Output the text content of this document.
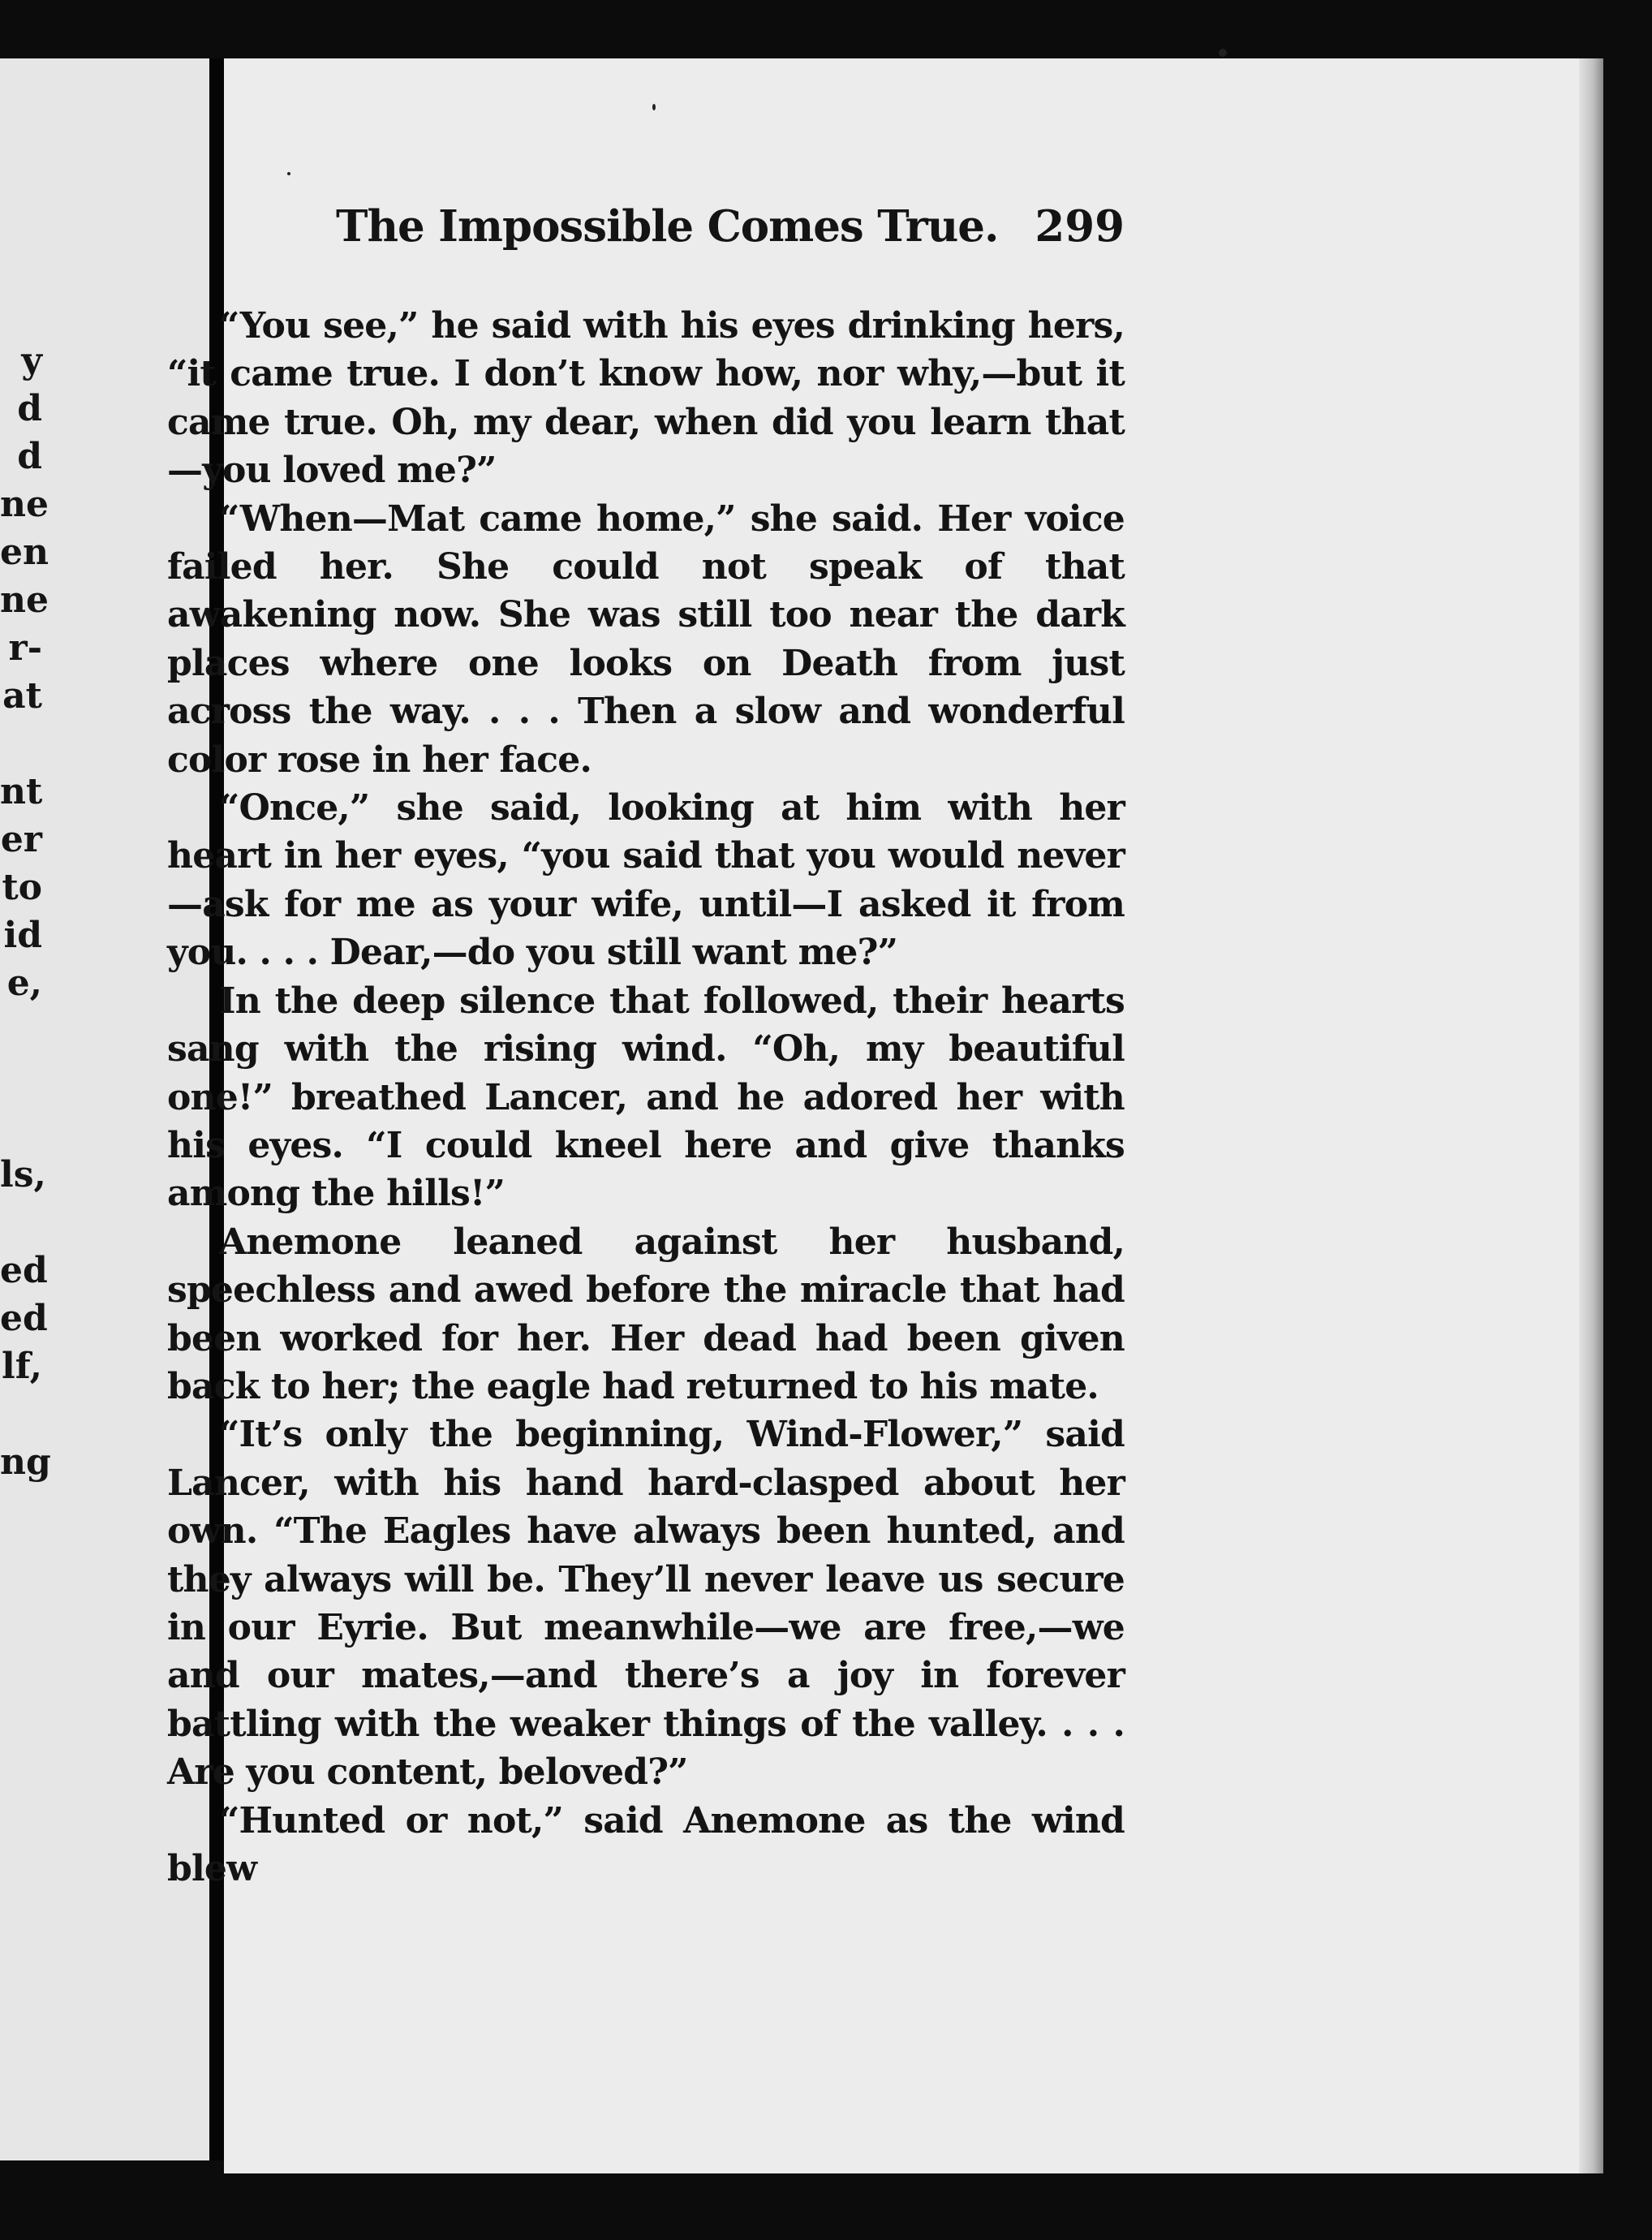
y
d
d
ne
en
ne
r-
at
nt
er
to
id
e,
ls,
ed
ed
lf,
ng
The Impossible Comes True. 299

“You see,” he said with his eyes drinking hers, “it came true. I don’t know how, nor why,—but it came true. Oh, my dear, when did you learn that—you loved me?”

“When—Mat came home,” she said. Her voice failed her. She could not speak of that awakening now. She was still too near the dark places where one looks on Death from just across the way. . . . Then a slow and wonderful color rose in her face.

“Once,” she said, looking at him with her heart in her eyes, “you said that you would never—ask for me as your wife, until—I asked it from you. . . . Dear,—do you still want me?”

In the deep silence that followed, their hearts sang with the rising wind. “Oh, my beautiful one!” breathed Lancer, and he adored her with his eyes. “I could kneel here and give thanks among the hills!”

Anemone leaned against her husband, speechless and awed before the miracle that had been worked for her. Her dead had been given back to her; the eagle had returned to his mate.

“It’s only the beginning, Wind-Flower,” said Lancer, with his hand hard-clasped about her own. “The Eagles have always been hunted, and they always will be. They’ll never leave us secure in our Eyrie. But meanwhile—we are free,—we and our mates,—and there’s a joy in forever battling with the weaker things of the valley. . . . Are you content, beloved?”

“Hunted or not,” said Anemone as the wind blew
